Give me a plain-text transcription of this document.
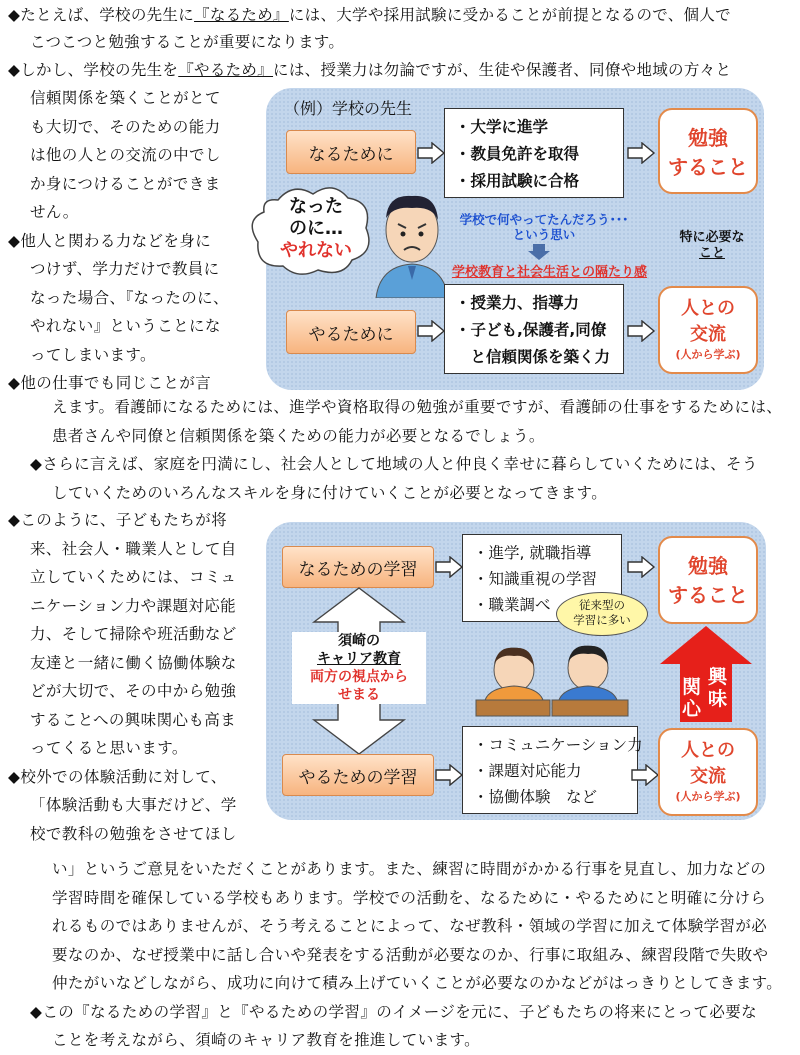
◆たとえば、学校の先生に『なるため』には、大学や採用試験に受かることが前提となるので、個人で
こつこつと勉強することが重要になります。
◆しかし、学校の先生を『やるため』には、授業力は勿論ですが、生徒や保護者、同僚や地域の方々と
信頼関係を築くことがとて
も大切で、そのための能力
は他の人との交流の中でし
か身につけることができま
せん。
◆他人と関わる力などを身に
つけず、学力だけで教員に
なった場合、『なったのに、
やれない』ということにな
ってしまいます。
◆他の仕事でも同じことが言
（例）学校の先生
なるために
・大学に進学
・教員免許を取得
・採用試験に合格
勉強
すること
なった
のに…
やれない
学校で何やってたんだろう･･･
という思い
学校教育と社会生活との隔たり感
特に必要な
こと
やるために
・授業力、指導力
・子ども,保護者,同僚
　と信頼関係を築く力
人との
交流
(人から学ぶ)
えます。看護師になるためには、進学や資格取得の勉強が重要ですが、看護師の仕事をするためには、
患者さんや同僚と信頼関係を築くための能力が必要となるでしょう。
◆さらに言えば、家庭を円満にし、社会人として地域の人と仲良く幸せに暮らしていくためには、そう
していくためのいろんなスキルを身に付けていくことが必要となってきます。
◆このように、子どもたちが将
来、社会人・職業人として自
立していくためには、コミュ
ニケーション力や課題対応能
力、そして掃除や班活動など
友達と一緒に働く協働体験な
どが大切で、その中から勉強
することへの興味関心も高ま
ってくると思います。
◆校外での体験活動に対して、
「体験活動も大事だけど、学
校で教科の勉強をさせてほし
なるための学習
・進学, 就職指導
・知識重視の学習
・職業調べ	従来型の
学習に多い
勉強
すること
須崎の
キャリア教育
両方の視点から
せまる
興
味
関
心
やるための学習
・コミュニケーション力
・課題対応能力
・協働体験　など
人との
交流
(人から学ぶ)
い」というご意見をいただくことがあります。また、練習に時間がかかる行事を見直し、加力などの
学習時間を確保している学校もあります。学校での活動を、なるために・やるためにと明確に分けら
れるものではありませんが、そう考えることによって、なぜ教科・領域の学習に加えて体験学習が必
要なのか、なぜ授業中に話し合いや発表をする活動が必要なのか、行事に取組み、練習段階で失敗や
仲たがいなどしながら、成功に向けて積み上げていくことが必要なのかなどがはっきりとしてきます。
◆この『なるための学習』と『やるための学習』のイメージを元に、子どもたちの将来にとって必要な
ことを考えながら、須崎のキャリア教育を推進しています。
